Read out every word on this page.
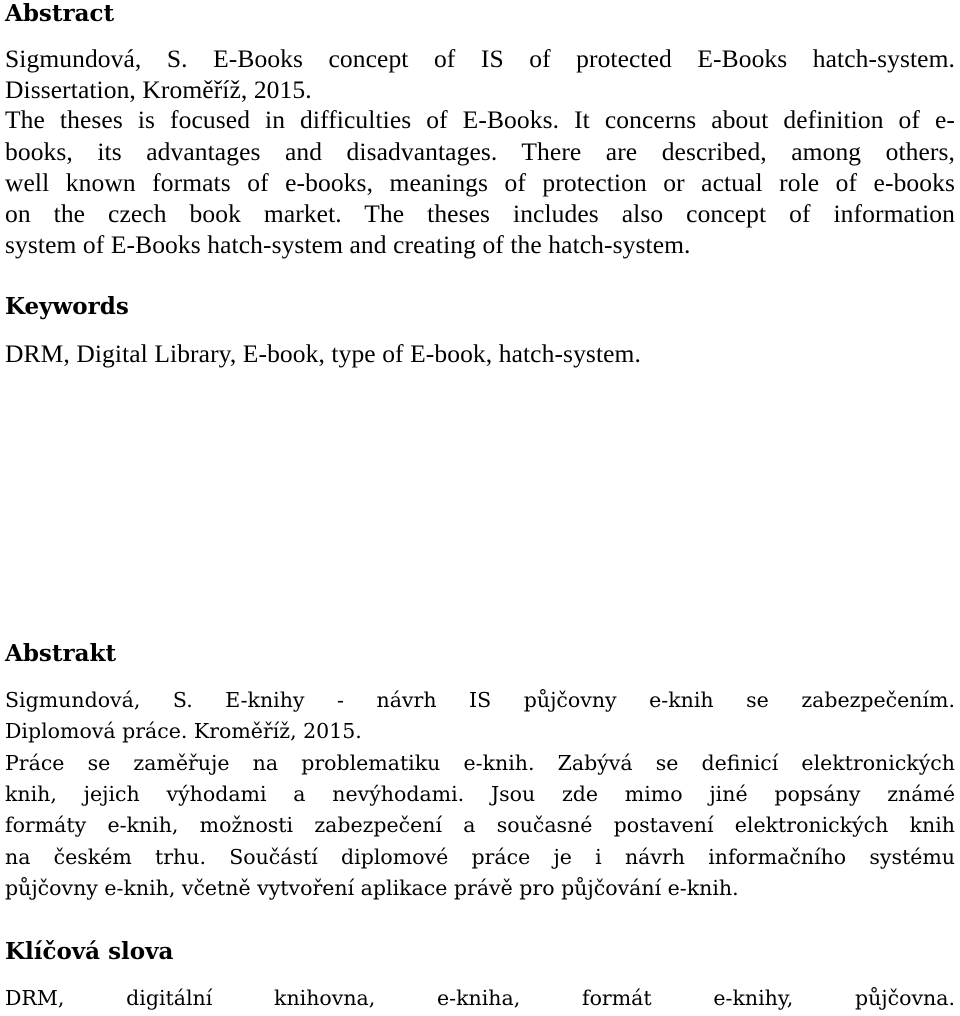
Abstract

Sigmundová, S. E-Books concept of IS of protected E-Books hatch-system.

Dissertation, Kroměříž, 2015.

The theses is focused in difficulties of E-Books. It concerns about definition of e-

books, its advantages and disadvantages. There are described, among others,

well known formats of e-books, meanings of protection or actual role of e-books

on the czech book market. The theses includes also concept of information

system of E-Books hatch-system and creating of the hatch-system.

Keywords

DRM, Digital Library, E-book, type of E-book, hatch-system.

Abstrakt

Sigmundová, S. E-knihy - návrh IS půjčovny e-knih se zabezpečením.

Diplomová práce. Kroměříž, 2015.

Práce se zaměřuje na problematiku e-knih. Zabývá se definicí elektronických

knih, jejich výhodami a nevýhodami. Jsou zde mimo jiné popsány známé

formáty e-knih, možnosti zabezpečení a současné postavení elektronických knih

na českém trhu. Součástí diplomové práce je i návrh informačního systému

půjčovny e-knih, včetně vytvoření aplikace právě pro půjčování e-knih.

Klíčová slova

DRM, digitální knihovna, e-kniha, formát e-knihy, půjčovna.
